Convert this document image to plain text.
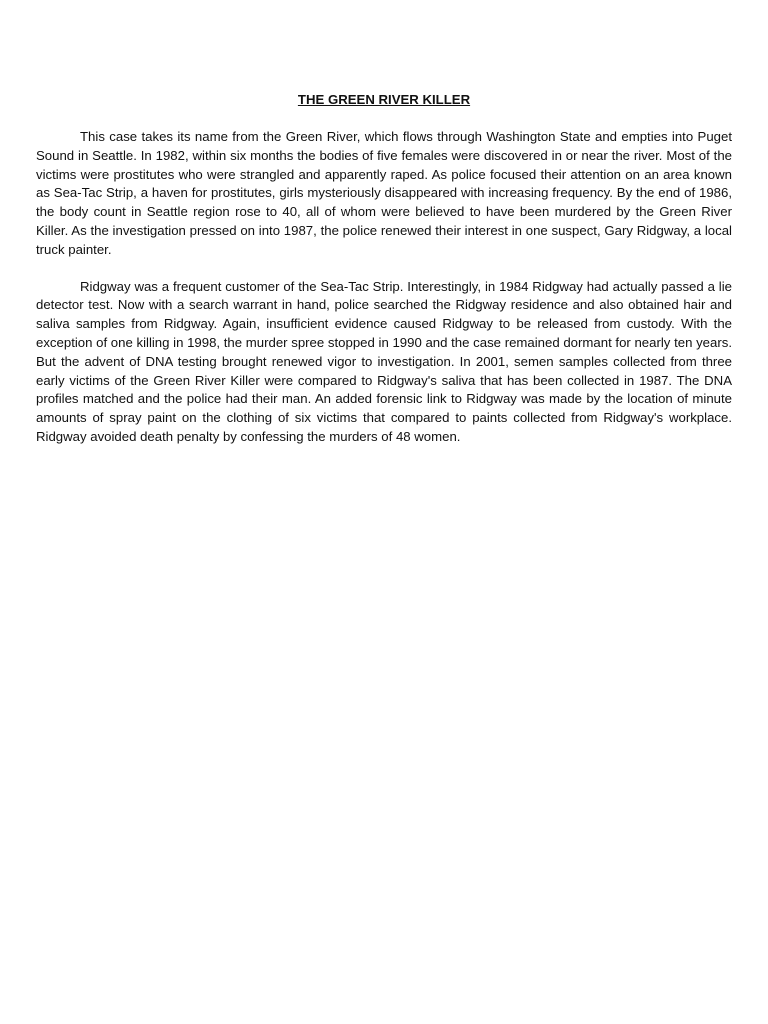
THE GREEN RIVER KILLER

This case takes its name from the Green River, which flows through Washington State and empties into Puget Sound in Seattle. In 1982, within six months the bodies of five females were discovered in or near the river. Most of the victims were prostitutes who were strangled and apparently raped. As police focused their attention on an area known as Sea-Tac Strip, a haven for prostitutes, girls mysteriously disappeared with increasing frequency. By the end of 1986, the body count in Seattle region rose to 40, all of whom were believed to have been murdered by the Green River Killer. As the investigation pressed on into 1987, the police renewed their interest in one suspect, Gary Ridgway, a local truck painter.

Ridgway was a frequent customer of the Sea-Tac Strip. Interestingly, in 1984 Ridgway had actually passed a lie detector test. Now with a search warrant in hand, police searched the Ridgway residence and also obtained hair and saliva samples from Ridgway. Again, insufficient evidence caused Ridgway to be released from custody. With the exception of one killing in 1998, the murder spree stopped in 1990 and the case remained dormant for nearly ten years. But the advent of DNA testing brought renewed vigor to investigation. In 2001, semen samples collected from three early victims of the Green River Killer were compared to Ridgway's saliva that has been collected in 1987. The DNA profiles matched and the police had their man. An added forensic link to Ridgway was made by the location of minute amounts of spray paint on the clothing of six victims that compared to paints collected from Ridgway's workplace. Ridgway avoided death penalty by confessing the murders of 48 women.
